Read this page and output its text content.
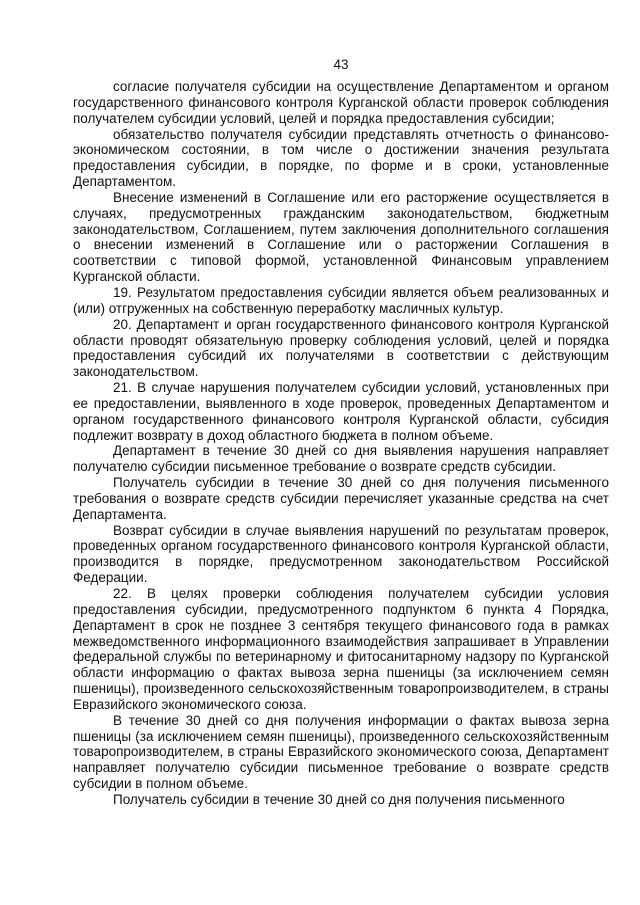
43

согласие получателя субсидии на осуществление Департаментом и органом государственного финансового контроля Курганской области проверок соблюдения получателем субсидии условий, целей и порядка предоставления субсидии;

обязательство получателя субсидии представлять отчетность о финансово-экономическом состоянии, в том числе о достижении значения результата предоставления субсидии, в порядке, по форме и в сроки, установленные Департаментом.

Внесение изменений в Соглашение или его расторжение осуществляется в случаях, предусмотренных гражданским законодательством, бюджетным законодательством, Соглашением, путем заключения дополнительного соглашения о внесении изменений в Соглашение или о расторжении Соглашения в соответствии с типовой формой, установленной Финансовым управлением Курганской области.

19. Результатом предоставления субсидии является объем реализованных и (или) отгруженных на собственную переработку масличных культур.

20. Департамент и орган государственного финансового контроля Курганской области проводят обязательную проверку соблюдения условий, целей и порядка предоставления субсидий их получателями в соответствии с действующим законодательством.

21. В случае нарушения получателем субсидии условий, установленных при ее предоставлении, выявленного в ходе проверок, проведенных Департаментом и органом государственного финансового контроля Курганской области, субсидия подлежит возврату в доход областного бюджета в полном объеме.

Департамент в течение 30 дней со дня выявления нарушения направляет получателю субсидии письменное требование о возврате средств субсидии.

Получатель субсидии в течение 30 дней со дня получения письменного требования о возврате средств субсидии перечисляет указанные средства на счет Департамента.

Возврат субсидии в случае выявления нарушений по результатам проверок, проведенных органом государственного финансового контроля Курганской области, производится в порядке, предусмотренном законодательством Российской Федерации.

22. В целях проверки соблюдения получателем субсидии условия предоставления субсидии, предусмотренного подпунктом 6 пункта 4 Порядка, Департамент в срок не позднее 3 сентября текущего финансового года в рамках межведомственного информационного взаимодействия запрашивает в Управлении федеральной службы по ветеринарному и фитосанитарному надзору по Курганской области информацию о фактах вывоза зерна пшеницы (за исключением семян пшеницы), произведенного сельскохозяйственным товаропроизводителем, в страны Евразийского экономического союза.

В течение 30 дней со дня получения информации о фактах вывоза зерна пшеницы (за исключением семян пшеницы), произведенного сельскохозяйственным товаропроизводителем, в страны Евразийского экономического союза, Департамент направляет получателю субсидии письменное требование о возврате средств субсидии в полном объеме.

Получатель субсидии в течение 30 дней со дня получения письменного
